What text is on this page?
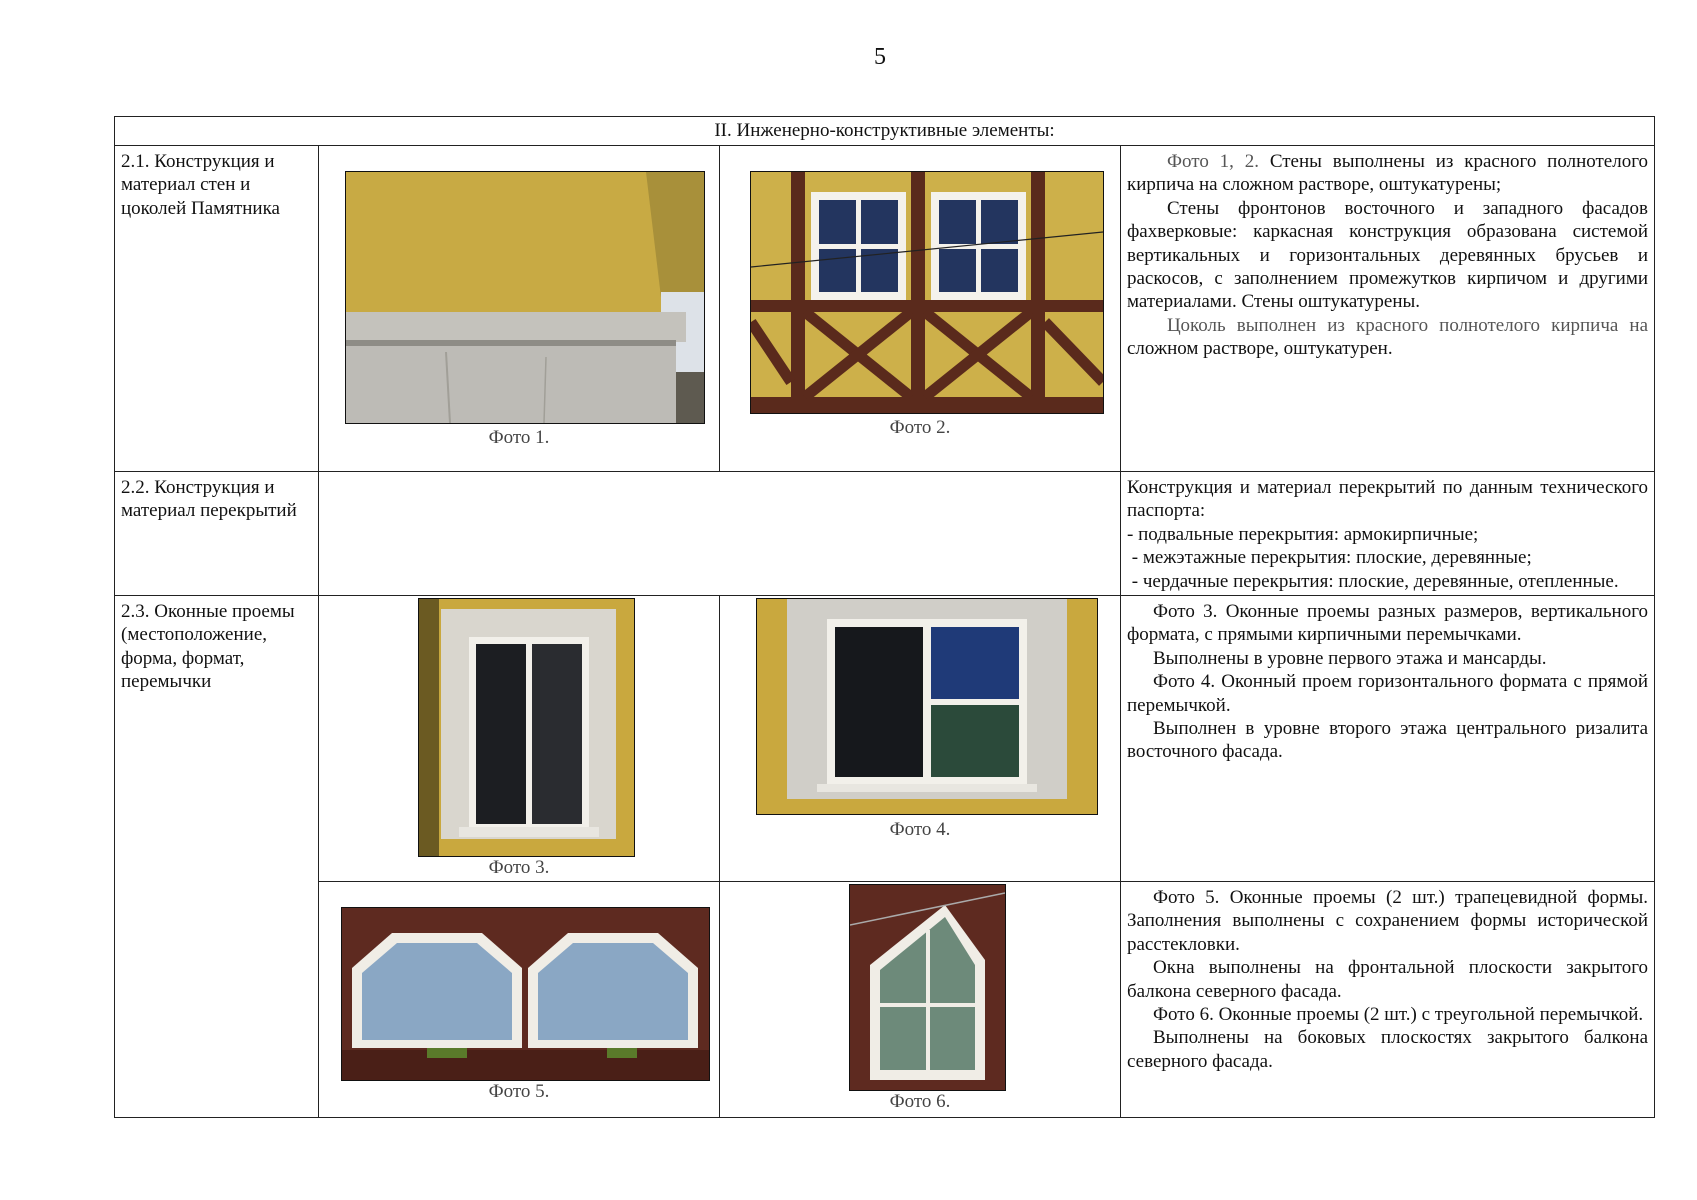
5
II. Инженерно-конструктивные элементы:			
2.1. Конструкция и материал стен и цоколей Памятника	Фото 1.	Фото 2.	Фото 1, 2. Стены выполнены из красного полнотелого кирпича на сложном растворе, оштукатурены;

Стены фронтонов восточного и западного фасадов фахверковые: каркасная конструкция образована системой вертикальных и горизонтальных деревянных брусьев и раскосов, с заполнением промежутков кирпичом и другими материалами. Стены оштукатурены.

Цоколь выполнен из красного полнотелого кирпича на сложном растворе, оштукатурен.

2.2. Конструкция и материал перекрытий			Конструкция и материал перекрытий по данным технического паспорта:

- подвальные перекрытия: армокирпичные;

- межэтажные перекрытия: плоские, деревянные;

- чердачные перекрытия: плоские, деревянные, отепленные.

2.3. Оконные проемы (местоположение, форма, формат, перемычки	Фото 3.	Фото 4.	Фото 3. Оконные проемы разных размеров, вертикального формата, с прямыми кирпичными перемычками.

Выполнены в уровне первого этажа и мансарды.

Фото 4. Оконный проем горизонтального формата с прямой перемычкой.

Выполнен в уровне второго этажа центрального ризалита восточного фасада.

	Фото 5.	Фото 6.	Фото 5. Оконные проемы (2 шт.) трапецевидной формы. Заполнения выполнены с сохранением формы исторической расстекловки.

Окна выполнены на фронтальной плоскости закрытого балкона северного фасада.

Фото 6. Оконные проемы (2 шт.) с треугольной перемычкой.

Выполнены на боковых плоскостях закрытого балкона северного фасада.
